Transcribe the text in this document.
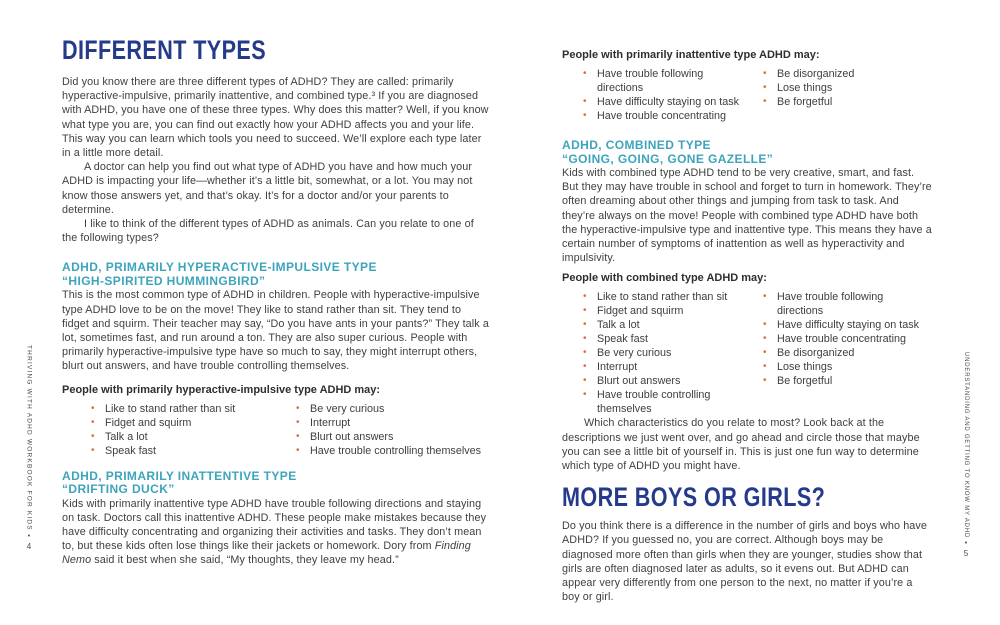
DIFFERENT TYPES

Did you know there are three different types of ADHD? They are called: primarily hyperactive-impulsive, primarily inattentive, and combined type.³ If you are diagnosed with ADHD, you have one of these three types. Why does this matter? Well, if you know what type you are, you can find out exactly how your ADHD affects you and your life. This way you can learn which tools you need to succeed. We’ll explore each type later in a little more detail.

A doctor can help you find out what type of ADHD you have and how much your ADHD is impacting your life—whether it’s a little bit, somewhat, or a lot. You may not know those answers yet, and that’s okay. It’s for a doctor and/or your parents to determine.

I like to think of the different types of ADHD as animals. Can you relate to one of the following types?

ADHD, PRIMARILY HYPERACTIVE-IMPULSIVE TYPE
“HIGH-SPIRITED HUMMINGBIRD”

This is the most common type of ADHD in children. People with hyperactive-impulsive type ADHD love to be on the move! They like to stand rather than sit. They tend to fidget and squirm. Their teacher may say, “Do you have ants in your pants?” They talk a lot, sometimes fast, and run around a ton. They are also super curious. People with primarily hyperactive-impulsive type have so much to say, they might interrupt others, blurt out answers, and have trouble controlling themselves.

People with primarily hyperactive-impulsive type ADHD may:

• Like to stand rather than sit
• Fidget and squirm
• Talk a lot
• Speak fast
• Be very curious
• Interrupt
• Blurt out answers
• Have trouble controlling themselves
ADHD, PRIMARILY INATTENTIVE TYPE
“DRIFTING DUCK”

Kids with primarily inattentive type ADHD have trouble following directions and staying on task. Doctors call this inattentive ADHD. These people make mistakes because they have difficulty concentrating and organizing their activities and tasks. They don’t mean to, but these kids often lose things like their jackets or homework. Dory from Finding Nemo said it best when she said, “My thoughts, they leave my head.”

People with primarily inattentive type ADHD may:

• Have trouble following directions
• Have difficulty staying on task
• Have trouble concentrating
• Be disorganized
• Lose things
• Be forgetful
ADHD, COMBINED TYPE
“GOING, GOING, GONE GAZELLE”

Kids with combined type ADHD tend to be very creative, smart, and fast. But they may have trouble in school and forget to turn in homework. They’re often dreaming about other things and jumping from task to task. And they’re always on the move! People with combined type ADHD have both the hyperactive-impulsive type and inattentive type. This means they have a certain number of symptoms of inattention as well as hyperactivity and impulsivity.

People with combined type ADHD may:

• Like to stand rather than sit
• Fidget and squirm
• Talk a lot
• Speak fast
• Be very curious
• Interrupt
• Blurt out answers
• Have trouble controlling themselves
• Have trouble following directions
• Have difficulty staying on task
• Have trouble concentrating
• Be disorganized
• Lose things
• Be forgetful

Which characteristics do you relate to most? Look back at the descriptions we just went over, and go ahead and circle those that maybe you can see a little bit of yourself in. This is just one fun way to determine which type of ADHD you might have.

MORE BOYS OR GIRLS?

Do you think there is a difference in the number of girls and boys who have ADHD? If you guessed no, you are correct. Although boys may be diagnosed more often than girls when they are younger, studies show that girls are often diagnosed later as adults, so it evens out. But ADHD can appear very differently from one person to the next, no matter if you’re a boy or girl.

THRIVING WITH ADHD WORKBOOK FOR KIDS
•
4
UNDERSTANDING AND GETTING TO KNOW MY ADHD
•
5
